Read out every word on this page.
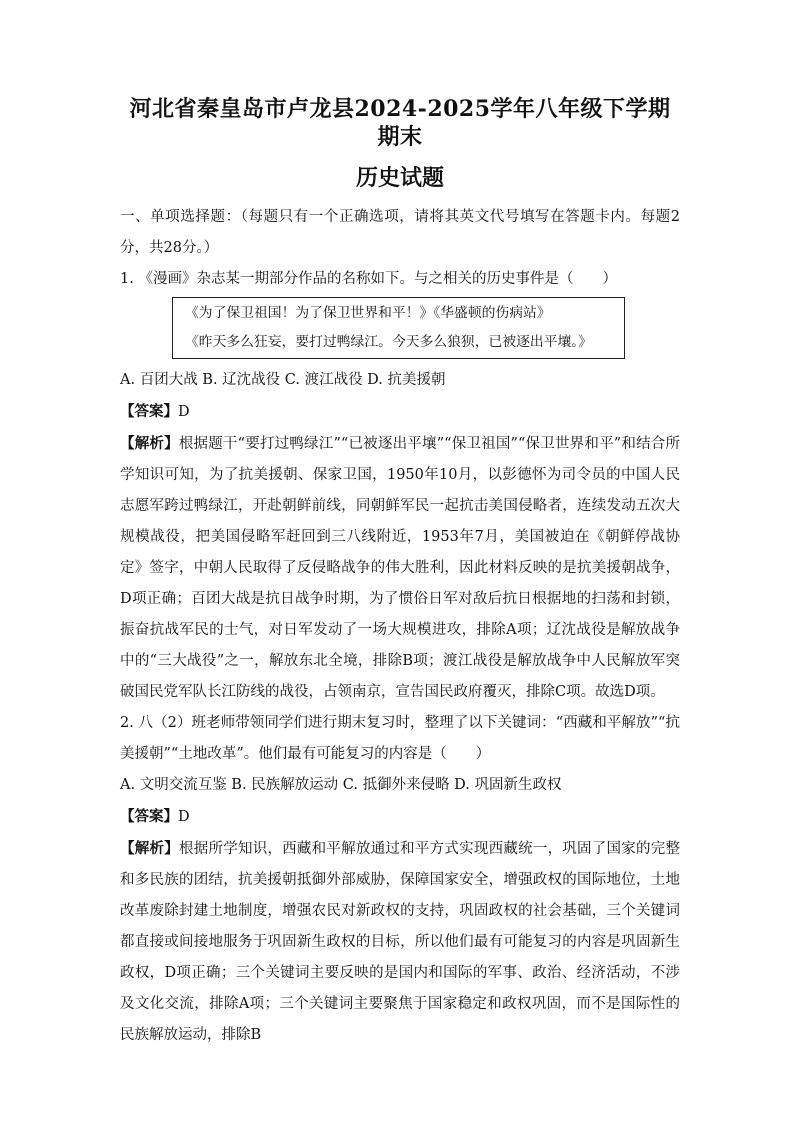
河北省秦皇岛市卢龙县2024-2025学年八年级下学期期末
历史试题

一、单项选择题：（每题只有一个正确选项，请将其英文代号填写在答题卡内。每题2分，共28分。）

1. 《漫画》杂志某一期部分作品的名称如下。与之相关的历史事件是（　　）

《为了保卫祖国！为了保卫世界和平！》《华盛顿的伤病站》
《昨天多么狂妄，要打过鸭绿江。今天多么狼狈，已被逐出平壤。》

A. 百团大战 B. 辽沈战役 C. 渡江战役 D. 抗美援朝

【答案】D

【解析】根据题干“要打过鸭绿江”“已被逐出平壤”“保卫祖国”“保卫世界和平”和结合所学知识可知，为了抗美援朝、保家卫国，1950年10月，以彭德怀为司令员的中国人民志愿军跨过鸭绿江，开赴朝鲜前线，同朝鲜军民一起抗击美国侵略者，连续发动五次大规模战役，把美国侵略军赶回到三八线附近，1953年7月，美国被迫在《朝鲜停战协定》签字，中朝人民取得了反侵略战争的伟大胜利，因此材料反映的是抗美援朝战争，D项正确；百团大战是抗日战争时期，为了惯俗日军对敌后抗日根据地的扫荡和封锁，振奋抗战军民的士气，对日军发动了一场大规模进攻，排除A项；辽沈战役是解放战争中的“三大战役”之一，解放东北全境，排除B项；渡江战役是解放战争中人民解放军突破国民党军队长江防线的战役，占领南京，宣告国民政府覆灭，排除C项。故选D项。

2. 八（2）班老师带领同学们进行期末复习时，整理了以下关键词：“西藏和平解放”“抗美援朝”“土地改革”。他们最有可能复习的内容是（　　）

A. 文明交流互鉴 B. 民族解放运动 C. 抵御外来侵略 D. 巩固新生政权

【答案】D

【解析】根据所学知识，西藏和平解放通过和平方式实现西藏统一，巩固了国家的完整和多民族的团结，抗美援朝抵御外部威胁，保障国家安全，增强政权的国际地位，土地改革废除封建土地制度，增强农民对新政权的支持，巩固政权的社会基础，三个关键词都直接或间接地服务于巩固新生政权的目标，所以他们最有可能复习的内容是巩固新生政权，D项正确；三个关键词主要反映的是国内和国际的军事、政治、经济活动，不涉及文化交流，排除A项；三个关键词主要聚焦于国家稳定和政权巩固，而不是国际性的民族解放运动，排除B
